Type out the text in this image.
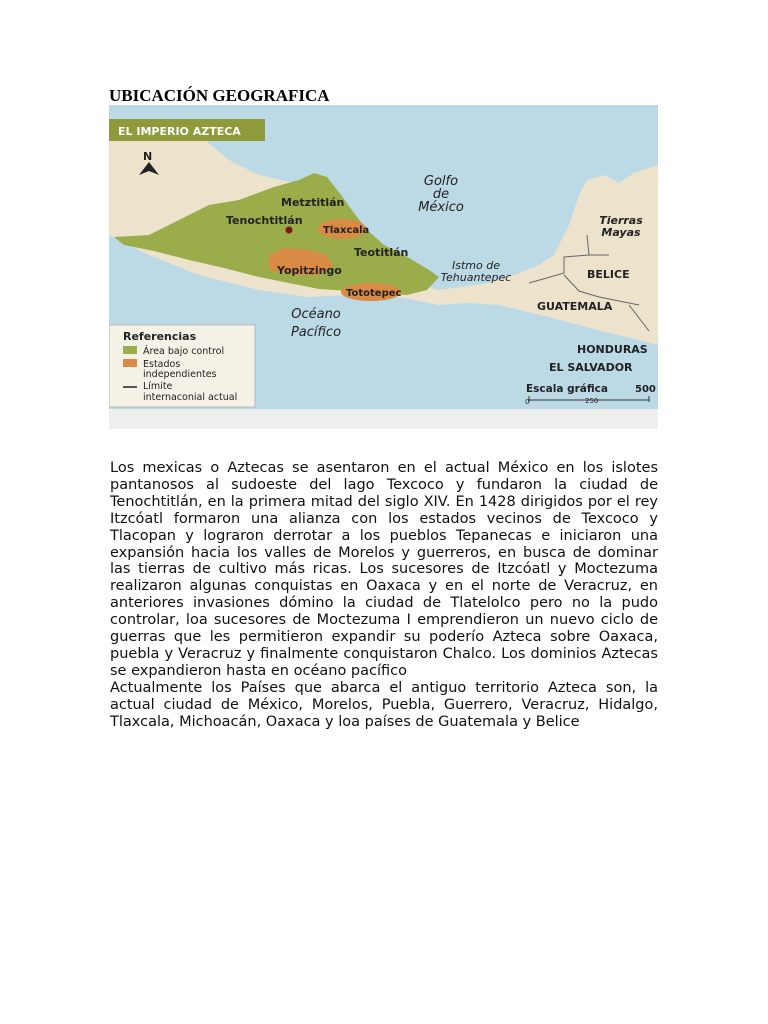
UBICACIÓN GEOGRAFICA
EL IMPERIO AZTECA
N
Golfo
de
México
Océano
Pacífico
Istmo de
Tehuantepec
Metztitlán
Tenochtitlán
Tlaxcala
Teotitlán
Yopitzingo
Tototepec
Tierras
Mayas
BELICE
GUATEMALA
HONDURAS
EL SALVADOR
Referencias
Área bajo control
Estados
independientes
Límite
internaconial actual
Escala gráfica	500
0	250

Los mexicas o Aztecas se asentaron en el actual México en los islotes pantanosos al sudoeste del lago Texcoco y fundaron la ciudad de Tenochtitlán, en la primera mitad del siglo XIV. En 1428 dirigidos por el rey Itzcóatl formaron una alianza con los estados vecinos de Texcoco y Tlacopan y lograron derrotar a los pueblos Tepanecas e iniciaron una expansión hacia los valles de Morelos y guerreros, en busca de dominar las tierras de cultivo más ricas. Los sucesores de Itzcóatl y Moctezuma realizaron algunas conquistas en Oaxaca y en el norte de Veracruz, en anteriores invasiones dómino la ciudad de Tlatelolco pero no la pudo controlar, loa sucesores de Moctezuma I emprendieron un nuevo ciclo de guerras que les permitieron expandir su poderío Azteca sobre Oaxaca, puebla y Veracruz y finalmente conquistaron Chalco. Los dominios Aztecas se expandieron hasta en océano pacífico

Actualmente los Países que abarca el antiguo territorio Azteca son, la actual ciudad de México, Morelos, Puebla, Guerrero, Veracruz, Hidalgo, Tlaxcala, Michoacán, Oaxaca y loa países de Guatemala y Belice
